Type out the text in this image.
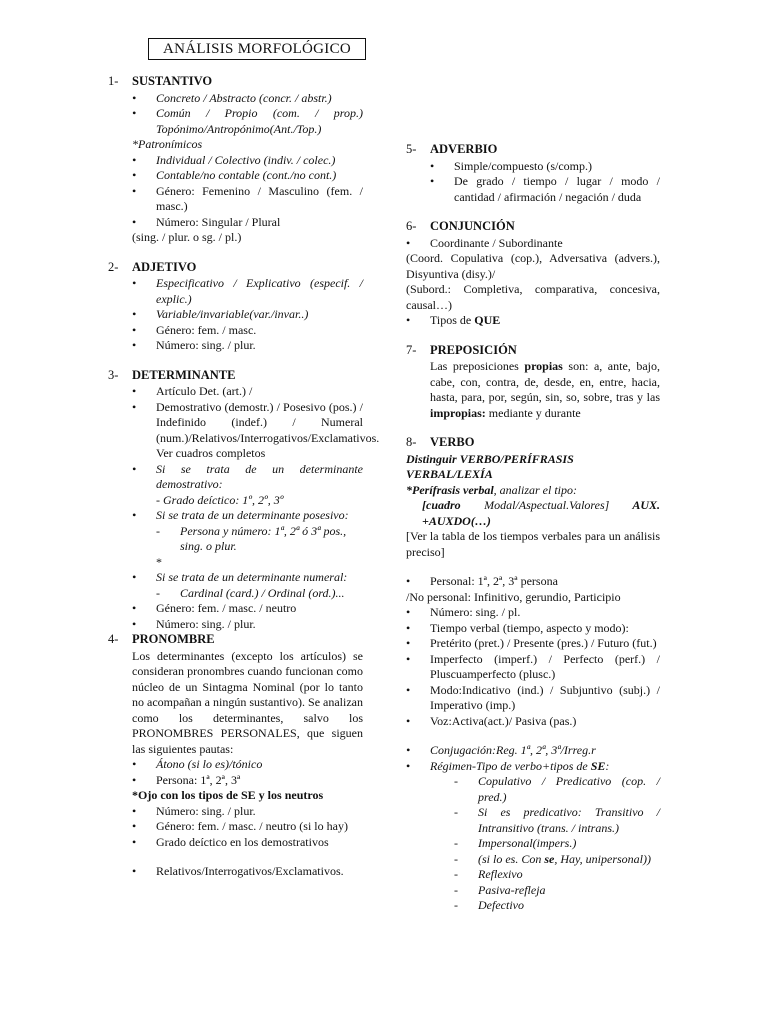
ANÁLISIS MORFOLÓGICO
1- SUSTANTIVO
• Concreto / Abstracto (concr. / abstr.)
• Común / Propio (com. / prop.) Topónimo/Antropónimo(Ant./Top.)
*Patronímicos
• Individual / Colectivo (indiv. / colec.)
• Contable/no contable (cont./no cont.)
• Género: Femenino / Masculino (fem. / masc.)
• Número: Singular / Plural
(sing. / plur. o sg. / pl.)
2- ADJETIVO
• Especificativo / Explicativo (especif. / explic.)
• Variable/invariable(var./invar..)
• Género: fem. / masc.
• Número: sing. / plur.
3- DETERMINANTE
• Artículo Det. (art.) /
• Demostrativo (demostr.) / Posesivo (pos.) / Indefinido (indef.) / Numeral (num.)/Relativos/Interrogativos/Exclamativos. Ver cuadros completos
• Si se trata de un determinante demostrativo:
- Grado deíctico: 1º, 2º, 3º
• Si se trata de un determinante posesivo:
- Persona y número: 1ª, 2ª ó 3ª pos., sing. o plur.
*
• Si se trata de un determinante numeral:
- Cardinal (card.) / Ordinal (ord.)...
• Género: fem. / masc. / neutro
• Número: sing. / plur.
4- PRONOMBRE
Los determinantes (excepto los artículos) se consideran pronombres cuando funcionan como núcleo de un Sintagma Nominal (por lo tanto no acompañan a ningún sustantivo). Se analizan como los determinantes, salvo los PRONOMBRES PERSONALES, que siguen las siguientes pautas:
• Átono (si lo es)/tónico
• Persona: 1ª, 2ª, 3ª
*Ojo con los tipos de SE y los neutros
• Número: sing. / plur.
• Género: fem. / masc. / neutro (si lo hay)
• Grado deíctico en los demostrativos
• Relativos/Interrogativos/Exclamativos.
5- ADVERBIO
• Simple/compuesto (s/comp.)
• De grado / tiempo / lugar / modo / cantidad / afirmación / negación / duda
6- CONJUNCIÓN
• Coordinante / Subordinante
(Coord. Copulativa (cop.), Adversativa (advers.), Disyuntiva (disy.)/
(Subord.: Completiva, comparativa, concesiva, causal…)
• Tipos de QUE
7- PREPOSICIÓN
Las preposiciones propias son: a, ante, bajo, cabe, con, contra, de, desde, en, entre, hacia, hasta, para, por, según, sin, so, sobre, tras y las impropias: mediante y durante
8- VERBO
Distinguir VERBO/PERÍFRASIS VERBAL/LEXÍA
*Perífrasis verbal, analizar el tipo:
[cuadro Modal/Aspectual.Valores] AUX. +AUXDO(…)
[Ver la tabla de los tiempos verbales para un análisis preciso]
• Personal: 1ª, 2ª, 3ª persona
/No personal: Infinitivo, gerundio, Participio
• Número: sing. / pl.
• Tiempo verbal (tiempo, aspecto y modo):
• Pretérito (pret.) / Presente (pres.) / Futuro (fut.)
• Imperfecto (imperf.) / Perfecto (perf.) / Pluscuamperfecto (plusc.)
• Modo:Indicativo (ind.) / Subjuntivo (subj.) / Imperativo (imp.)
• Voz:Activa(act.)/ Pasiva (pas.)
• Conjugación:Reg. 1ª, 2ª, 3ª/Irreg.r
• Régimen-Tipo de verbo+tipos de SE:
- Copulativo / Predicativo (cop. / pred.)
- Si es predicativo: Transitivo / Intransitivo (trans. / intrans.)
- Impersonal(impers.)
- (si lo es. Con se, Hay, unipersonal))
- Reflexivo
- Pasiva-refleja
- Defectivo
